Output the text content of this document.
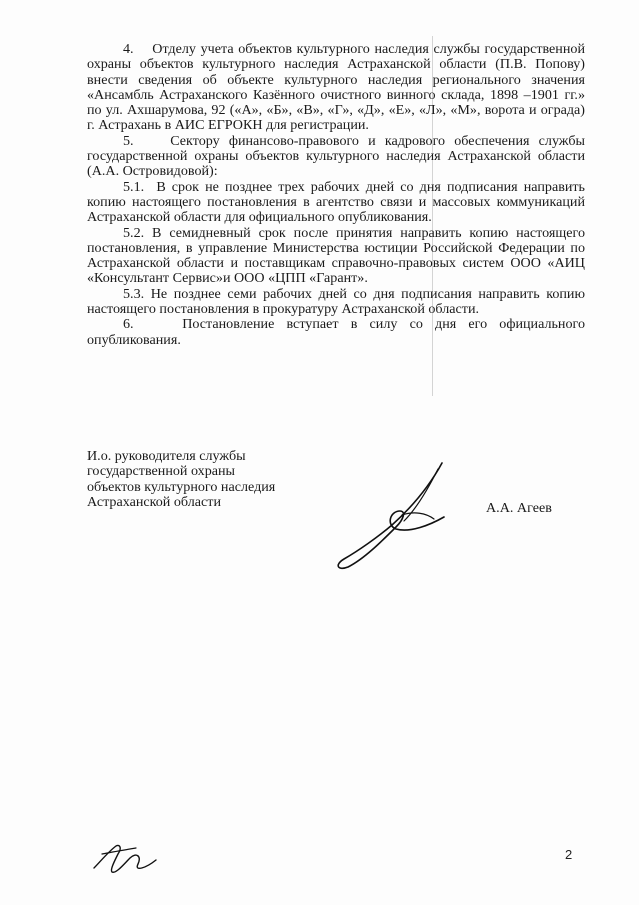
4.    Отделу учета объектов культурного наследия службы государственной охраны объектов культурного наследия Астраханской области (П.В. Попову) внести сведения об объекте культурного наследия регионального значения «Ансамбль Астраханского Казённого очистного винного склада, 1898 –1901 гг.» по ул. Ахшарумова, 92 («А», «Б», «В», «Г», «Д», «Е», «Л», «М», ворота и ограда) г. Астрахань в АИС ЕГРОКН для регистрации.

5.    Сектору финансово-правового и кадрового обеспечения службы государственной охраны объектов культурного наследия Астраханской области (А.А. Островидовой):

5.1.  В срок не позднее трех рабочих дней со дня подписания направить копию настоящего постановления в агентство связи и массовых коммуникаций Астраханской области для официального опубликования.

5.2. В семидневный срок после принятия направить копию настоящего постановления, в управление Министерства юстиции Российской Федерации по Астраханской области и поставщикам справочно-правовых систем ООО «АИЦ «Консультант Сервис»и ООО «ЦПП «Гарант».

5.3. Не позднее семи рабочих дней со дня подписания направить копию настоящего постановления в прокуратуру Астраханской области.

6.    Постановление вступает в силу со дня его официального опубликования.

И.о. руководителя службы
государственной охраны
объектов культурного наследия
Астраханской области	А.А. Агеев
2
